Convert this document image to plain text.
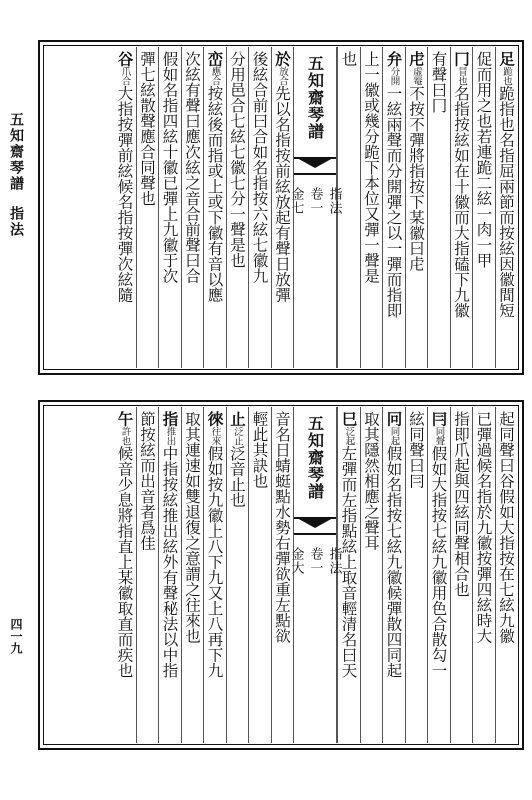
五知齋琴譜指法
四一九
足跪也跪指也名指屈兩節而按絃因徽間短
促而用之也若連跪二絃一肉一甲
冂冒也名指按絃如在十徽而大指磕下九徽
有聲曰冂
虍虛罨不按不彈將指按下某徽曰虍
弁分開一絃兩聲而分開彈之以一彈而指即
上一徽或幾分跪下本位又彈一聲是
也
五知齋琴譜
指法
卷一
金七
於放合先以名指按前絃放起有聲日放彈
後絃合前曰合如名指按六絃七徽九
分用邑合七絃七徽七分一聲是也
峦應合按絃後而指或上或下徽有音以應
次絃有聲曰應次絃之音合前聲曰合
假如名指四絃十徽已彈上九徽于次
彈七絃散聲應合同聲也
谷爪合大指按彈前絃候名指按彈次絃隨
起同聲曰谷假如大指按在七絃九徽
已彈過候名指於九徽按彈四絃時大
指即爪起與四絃同聲相合也
冃同聲假如大指按七絃九徽用色合散勾一
絃同聲曰冃
冋同起假如名指按七絃九徽候彈散四同起
取其隱然相應之聲耳
巳泛起左彈而左指點絃上取音輕清名曰天
五知齋琴譜
指法
卷一
金大
音名日蜻蜓點水勢右彈欲重左點欲
輕此其訣也
止泛止泛音止也
徠往來假如按九徽上八下九又上八再下九
取其連速如雙退復之意謂之往來也
指推出中指按絃推出絃外有聲秘法以中指
節按絃而出音者爲佳
午許也候音少息將指直上某徽取直而疾也
